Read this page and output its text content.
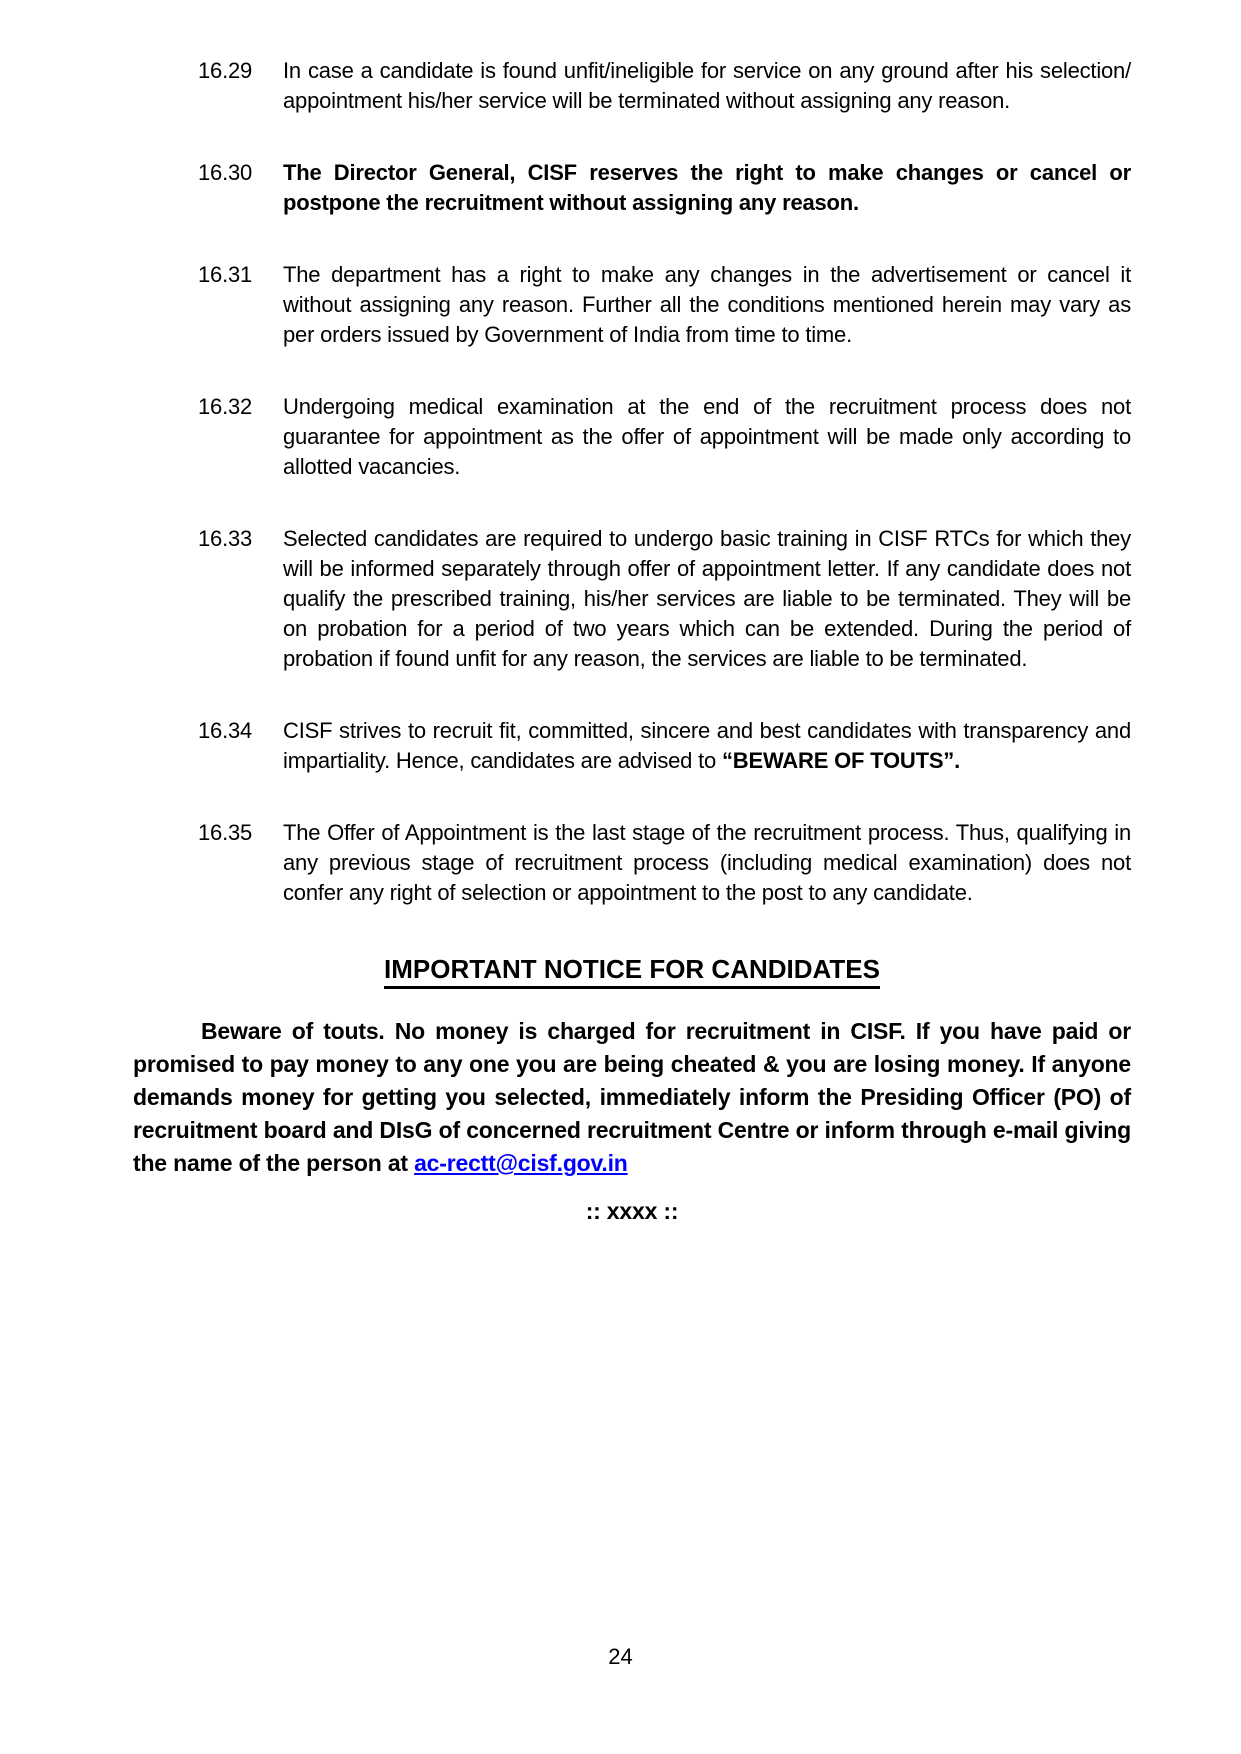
16.29 In case a candidate is found unfit/ineligible for service on any ground after his selection/ appointment his/her service will be terminated without assigning any reason.
16.30 The Director General, CISF reserves the right to make changes or cancel or postpone the recruitment without assigning any reason.
16.31 The department has a right to make any changes in the advertisement or cancel it without assigning any reason. Further all the conditions mentioned herein may vary as per orders issued by Government of India from time to time.
16.32 Undergoing medical examination at the end of the recruitment process does not guarantee for appointment as the offer of appointment will be made only according to allotted vacancies.
16.33 Selected candidates are required to undergo basic training in CISF RTCs for which they will be informed separately through offer of appointment letter. If any candidate does not qualify the prescribed training, his/her services are liable to be terminated. They will be on probation for a period of two years which can be extended. During the period of probation if found unfit for any reason, the services are liable to be terminated.
16.34 CISF strives to recruit fit, committed, sincere and best candidates with transparency and impartiality. Hence, candidates are advised to “BEWARE OF TOUTS”.
16.35 The Offer of Appointment is the last stage of the recruitment process. Thus, qualifying in any previous stage of recruitment process (including medical examination) does not confer any right of selection or appointment to the post to any candidate.
IMPORTANT NOTICE FOR CANDIDATES

Beware of touts. No money is charged for recruitment in CISF. If you have paid or promised to pay money to any one you are being cheated & you are losing money. If anyone demands money for getting you selected, immediately inform the Presiding Officer (PO) of recruitment board and DIsG of concerned recruitment Centre or inform through e-mail giving the name of the person at ac-rectt@cisf.gov.in

:: xxxx ::
24
